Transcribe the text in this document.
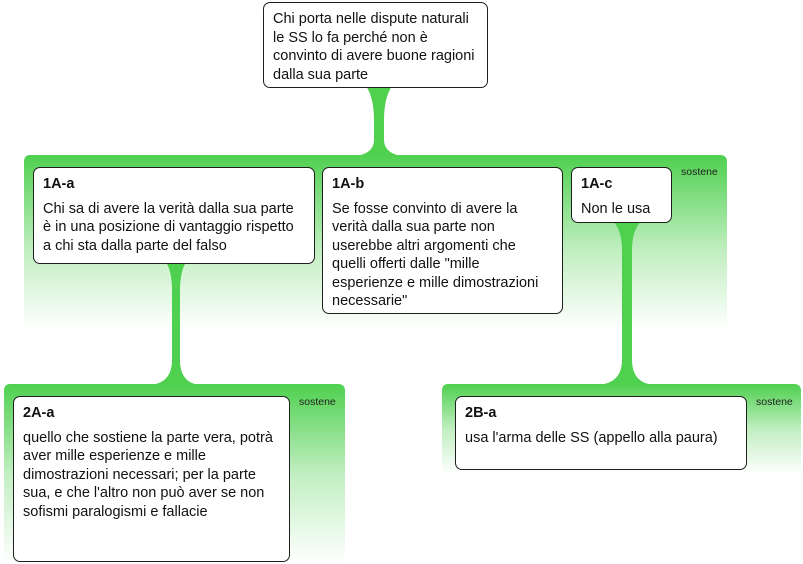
Chi porta nelle dispute naturali le SS lo fa perché non è convinto di avere buone ragioni dalla sua parte
sostene
1A-a
Chi sa di avere la verità dalla sua parte è in una posizione di vantaggio rispetto a chi sta dalla parte del falso
1A-b
Se fosse convinto di avere la verità dalla sua parte non userebbe altri argomenti che quelli offerti dalle "mille esperienze e mille dimostrazioni necessarie"
1A-c
Non le usa
sostene
2A-a
quello che sostiene la parte vera, potrà aver mille esperienze e mille dimostrazioni necessari; per la parte sua, e che l'altro non può aver se non sofismi paralogismi e fallacie
sostene
2B-a
usa l'arma delle SS (appello alla paura)
